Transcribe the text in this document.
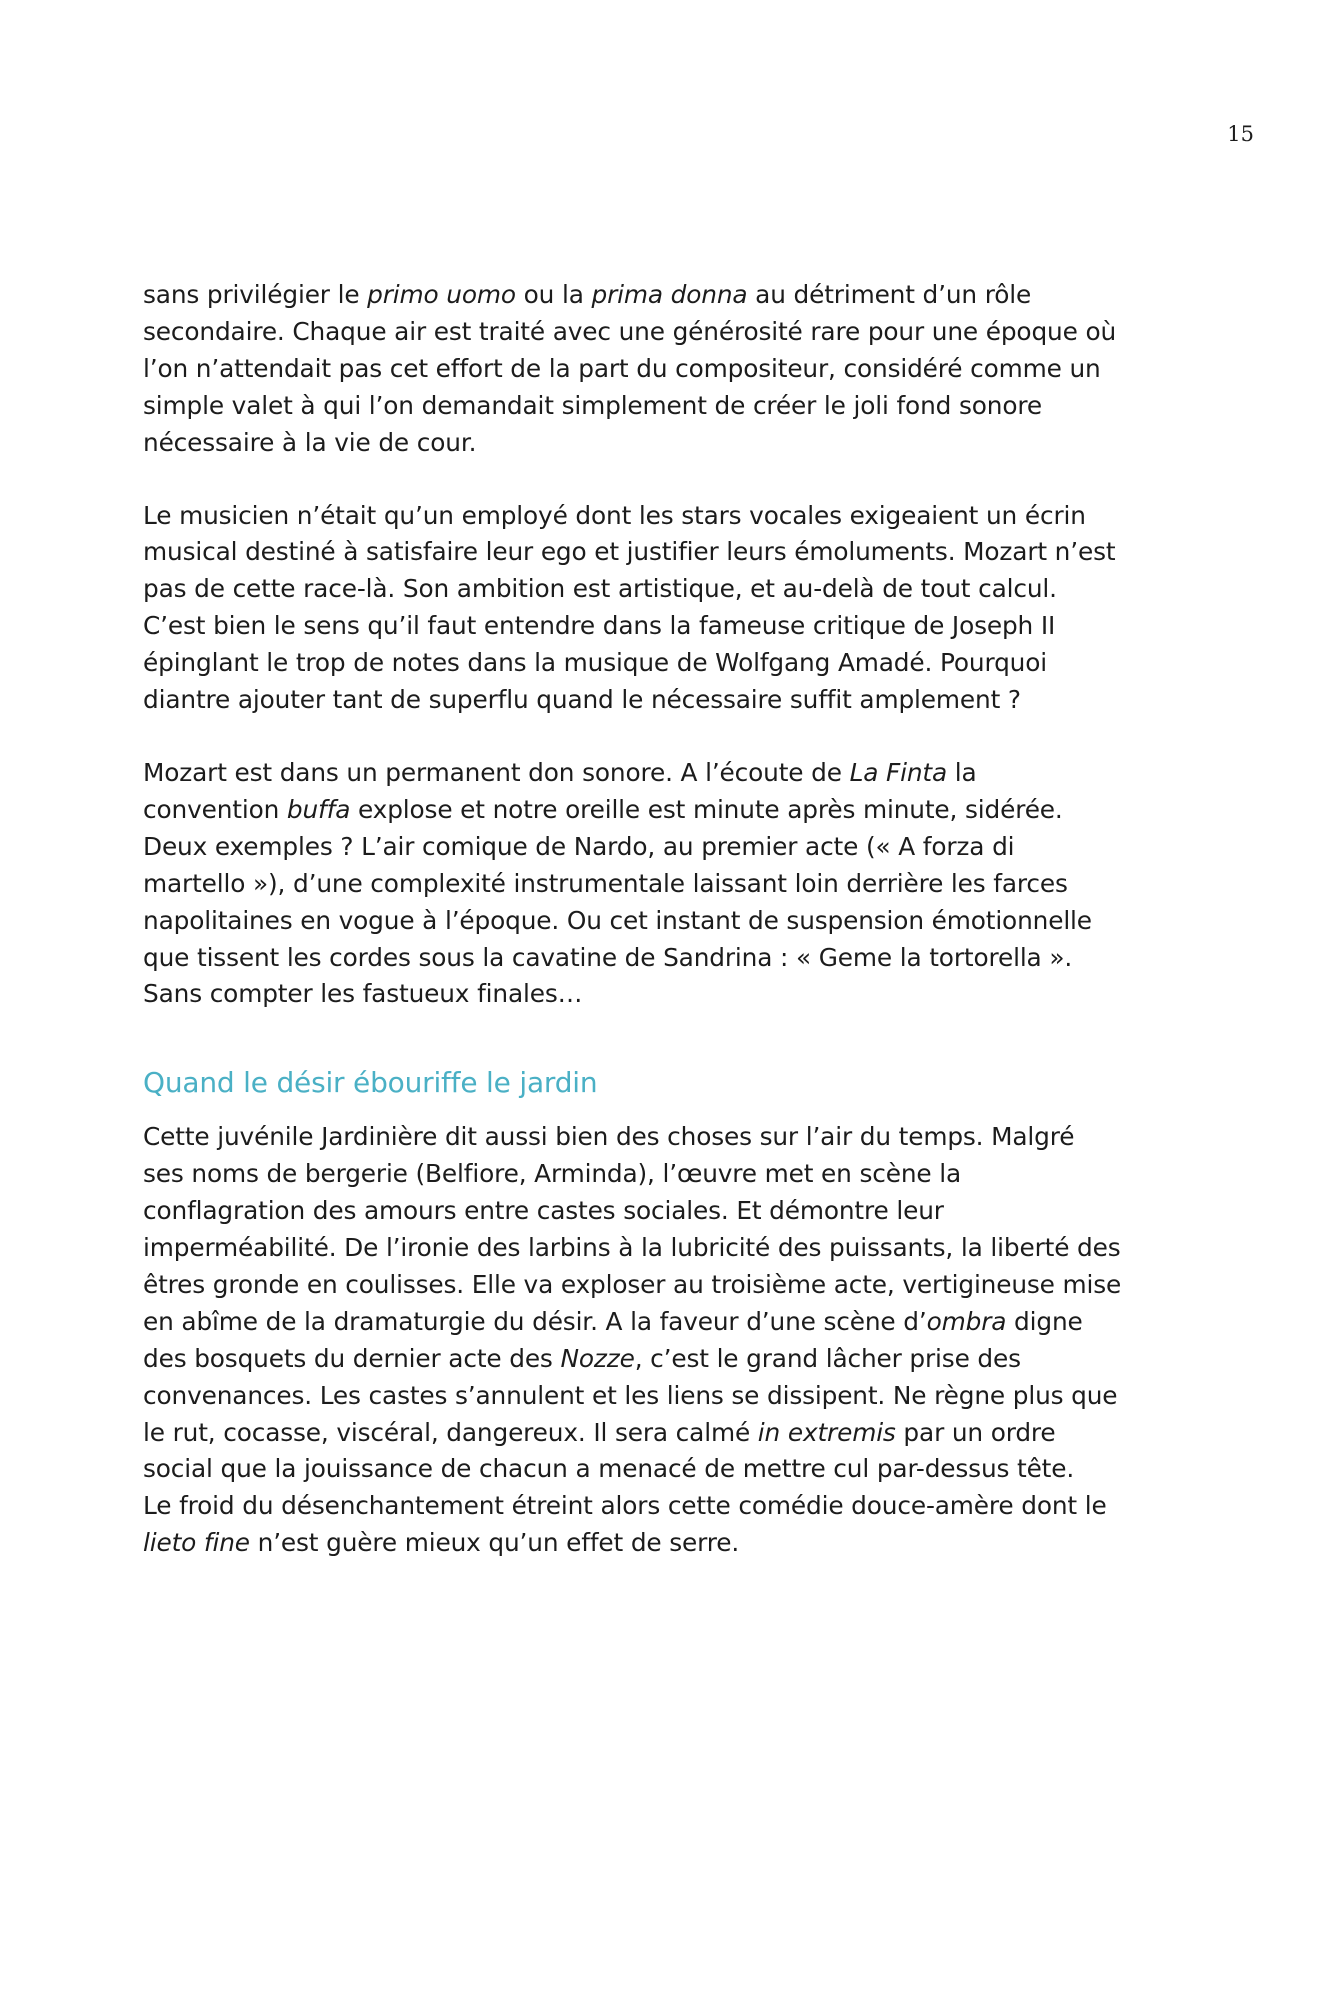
15

sans privilégier le primo uomo ou la prima donna au détriment d’un rôle
secondaire. Chaque air est traité avec une générosité rare pour une époque où
l’on n’attendait pas cet effort de la part du compositeur, considéré comme un
simple valet à qui l’on demandait simplement de créer le joli fond sonore
nécessaire à la vie de cour.

Le musicien n’était qu’un employé dont les stars vocales exigeaient un écrin
musical destiné à satisfaire leur ego et justifier leurs émoluments. Mozart n’est
pas de cette race-là. Son ambition est artistique, et au-delà de tout calcul.
C’est bien le sens qu’il faut entendre dans la fameuse critique de Joseph II
épinglant le trop de notes dans la musique de Wolfgang Amadé. Pourquoi
diantre ajouter tant de superflu quand le nécessaire suffit amplement ?

Mozart est dans un permanent don sonore. A l’écoute de La Finta la
convention buffa explose et notre oreille est minute après minute, sidérée.
Deux exemples ? L’air comique de Nardo, au premier acte (« A forza di
martello »), d’une complexité instrumentale laissant loin derrière les farces
napolitaines en vogue à l’époque. Ou cet instant de suspension émotionnelle
que tissent les cordes sous la cavatine de Sandrina : « Geme la tortorella ».
Sans compter les fastueux finales…

Quand le désir ébouriffe le jardin

Cette juvénile Jardinière dit aussi bien des choses sur l’air du temps. Malgré
ses noms de bergerie (Belfiore, Arminda), l’œuvre met en scène la
conflagration des amours entre castes sociales. Et démontre leur
imperméabilité. De l’ironie des larbins à la lubricité des puissants, la liberté des
êtres gronde en coulisses. Elle va exploser au troisième acte, vertigineuse mise
en abîme de la dramaturgie du désir. A la faveur d’une scène d’ombra digne
des bosquets du dernier acte des Nozze, c’est le grand lâcher prise des
convenances. Les castes s’annulent et les liens se dissipent. Ne règne plus que
le rut, cocasse, viscéral, dangereux. Il sera calmé in extremis par un ordre
social que la jouissance de chacun a menacé de mettre cul par-dessus tête.
Le froid du désenchantement étreint alors cette comédie douce-amère dont le
lieto fine n’est guère mieux qu’un effet de serre.
